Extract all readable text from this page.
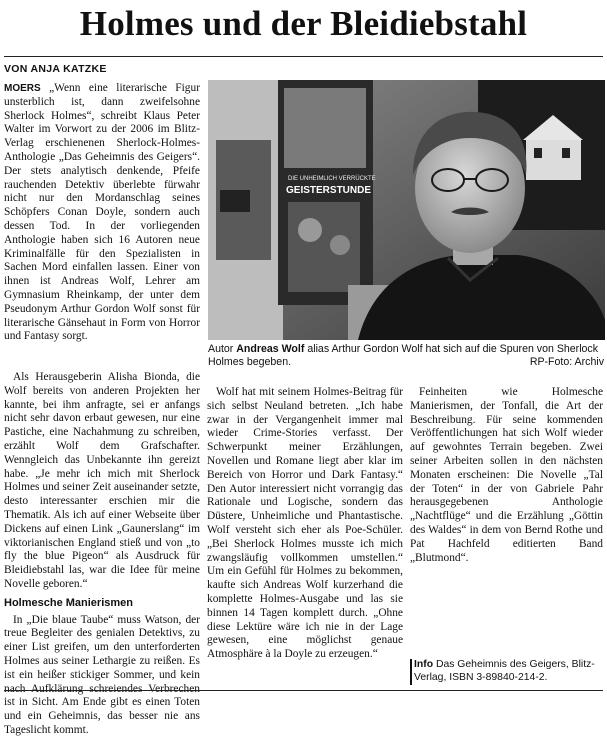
Holmes und der Bleidiebstahl

VON ANJA KATZKE

MOERS „Wenn eine literarische Figur unsterblich ist, dann zweifelsohne Sherlock Holmes“, schreibt Klaus Peter Walter im Vorwort zu der 2006 im Blitz-Verlag erschienenen Sherlock-Holmes-Anthologie „Das Geheimnis des Geigers“. Der stets analytisch denkende, Pfeife rauchenden Detektiv überlebte fürwahr nicht nur den Mordanschlag seines Schöpfers Conan Doyle, sondern auch dessen Tod. In der vorliegenden Anthologie haben sich 16 Autoren neue Kriminalfälle für den Spezialisten in Sachen Mord einfallen lassen. Einer von ihnen ist Andreas Wolf, Lehrer am Gymnasium Rheinkamp, der unter dem Pseudonym Arthur Gordon Wolf sonst für literarische Gänsehaut in Form von Horror und Fantasy sorgt.

DIE UNHEIMLICH VERRÜCKTE
GEISTERSTUNDE

Autor Andreas Wolf alias Arthur Gordon Wolf hat sich auf die Spuren von Sherlock Holmes begeben.	RP-Foto: Archiv

Als Herausgeberin Alisha Bionda, die Wolf bereits von anderen Projekten her kannte, bei ihm anfragte, sei er anfangs nicht sehr davon erbaut gewesen, nur eine Pastiche, eine Nachahmung zu schreiben, erzählt Wolf dem Grafschafter. Wenngleich das Unbekannte ihn gereizt habe. „Je mehr ich mich mit Sherlock Holmes und seiner Zeit auseinander setzte, desto interessanter erschien mir die Thematik. Als ich auf einer Webseite über Dickens auf einen Link „Gaunerslang“ im viktorianischen England stieß und von „to fly the blue Pigeon“ als Ausdruck für Bleidiebstahl las, war die Idee für meine Novelle geboren.“

Holmesche Manierismen

In „Die blaue Taube“ muss Watson, der treue Begleiter des genialen Detektivs, zu einer List greifen, um den unterforderten Holmes aus seiner Lethargie zu reißen. Es ist ein heißer stickiger Sommer, und kein nach Aufklärung schreiendes Verbrechen ist in Sicht. Am Ende gibt es einen Toten und ein Geheimnis, das besser nie ans Tageslicht kommt.

Wolf hat mit seinem Holmes-Beitrag für sich selbst Neuland betreten. „Ich habe zwar in der Vergangenheit immer mal wieder Crime-Stories verfasst. Der Schwerpunkt meiner Erzählungen, Novellen und Romane liegt aber klar im Bereich von Horror und Dark Fantasy.“ Den Autor interessiert nicht vorrangig das Rationale und Logische, sondern das Düstere, Unheimliche und Phantastische. Wolf versteht sich eher als Poe-Schüler. „Bei Sherlock Holmes musste ich mich zwangsläufig vollkommen umstellen.“ Um ein Gefühl für Holmes zu bekommen, kaufte sich Andreas Wolf kurzerhand die komplette Holmes-Ausgabe und las sie binnen 14 Tagen komplett durch. „Ohne diese Lektüre wäre ich nie in der Lage gewesen, eine möglichst genaue Atmosphäre à la Doyle zu erzeugen.“

Feinheiten wie Holmesche Manierismen, der Tonfall, die Art der Beschreibung. Für seine kommenden Veröffentlichungen hat sich Wolf wieder auf gewohntes Terrain begeben. Zwei seiner Arbeiten sollen in den nächsten Monaten erscheinen: Die Novelle „Tal der Toten“ in der von Gabriele Pahr herausgegebenen Anthologie „Nachtflüge“ und die Erzählung „Göttin des Waldes“ in dem von Bernd Rothe und Pat Hachfeld editierten Band „Blutmond“.

Info Das Geheimnis des Geigers, Blitz-Verlag, ISBN 3-89840-214-2.
